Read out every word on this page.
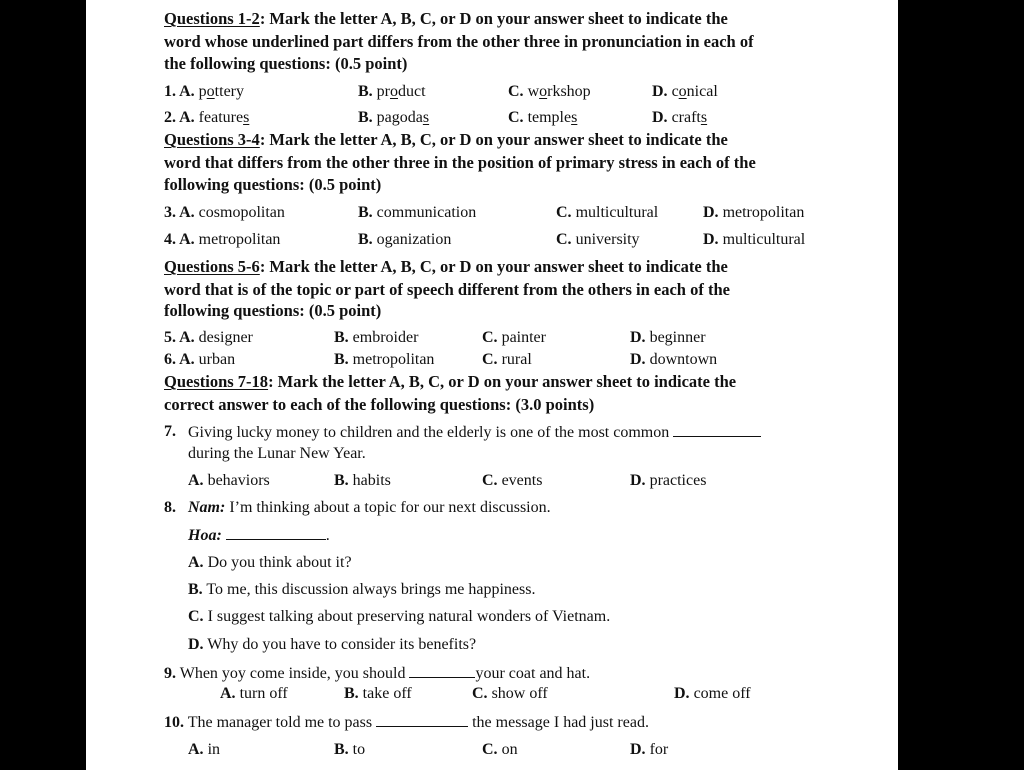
Questions 1-2: Mark the letter A, B, C, or D on your answer sheet to indicate the
word whose underlined part differs from the other three in pronunciation in each of
the following questions: (0.5 point)
1. A. pottery	B. product	C. workshop	D. conical
2. A. features	B. pagodas	C. temples	D. crafts
Questions 3-4: Mark the letter A, B, C, or D on your answer sheet to indicate the
word that differs from the other three in the position of primary stress in each of the
following questions: (0.5 point)
3. A. cosmopolitan	B. communication	C. multicultural	D. metropolitan
4. A. metropolitan	B. oganization	C. university	D. multicultural
Questions 5-6: Mark the letter A, B, C, or D on your answer sheet to indicate the
word that is of the topic or part of speech different from the others in each of the
following questions: (0.5 point)
5. A. designer	B. embroider	C. painter	D. beginner
6. A. urban	B. metropolitan	C. rural	D. downtown
Questions 7-18: Mark the letter A, B, C, or D on your answer sheet to indicate the
correct answer to each of the following questions: (3.0 points)
7. Giving lucky money to children and the elderly is one of the most common
during the Lunar New Year.
A. behaviors	B. habits	C. events	D. practices
8. Nam: I’m thinking about a topic for our next discussion.
Hoa:	.
A. Do you think about it?
B. To me, this discussion always brings me happiness.
C. I suggest talking about preserving natural wonders of Vietnam.
D. Why do you have to consider its benefits?
9. When yoy come inside, you should	your coat and hat.
A. turn off	B. take off	C. show off	D. come off
10. The manager told me to pass	the message I had just read.
A. in	B. to	C. on	D. for
